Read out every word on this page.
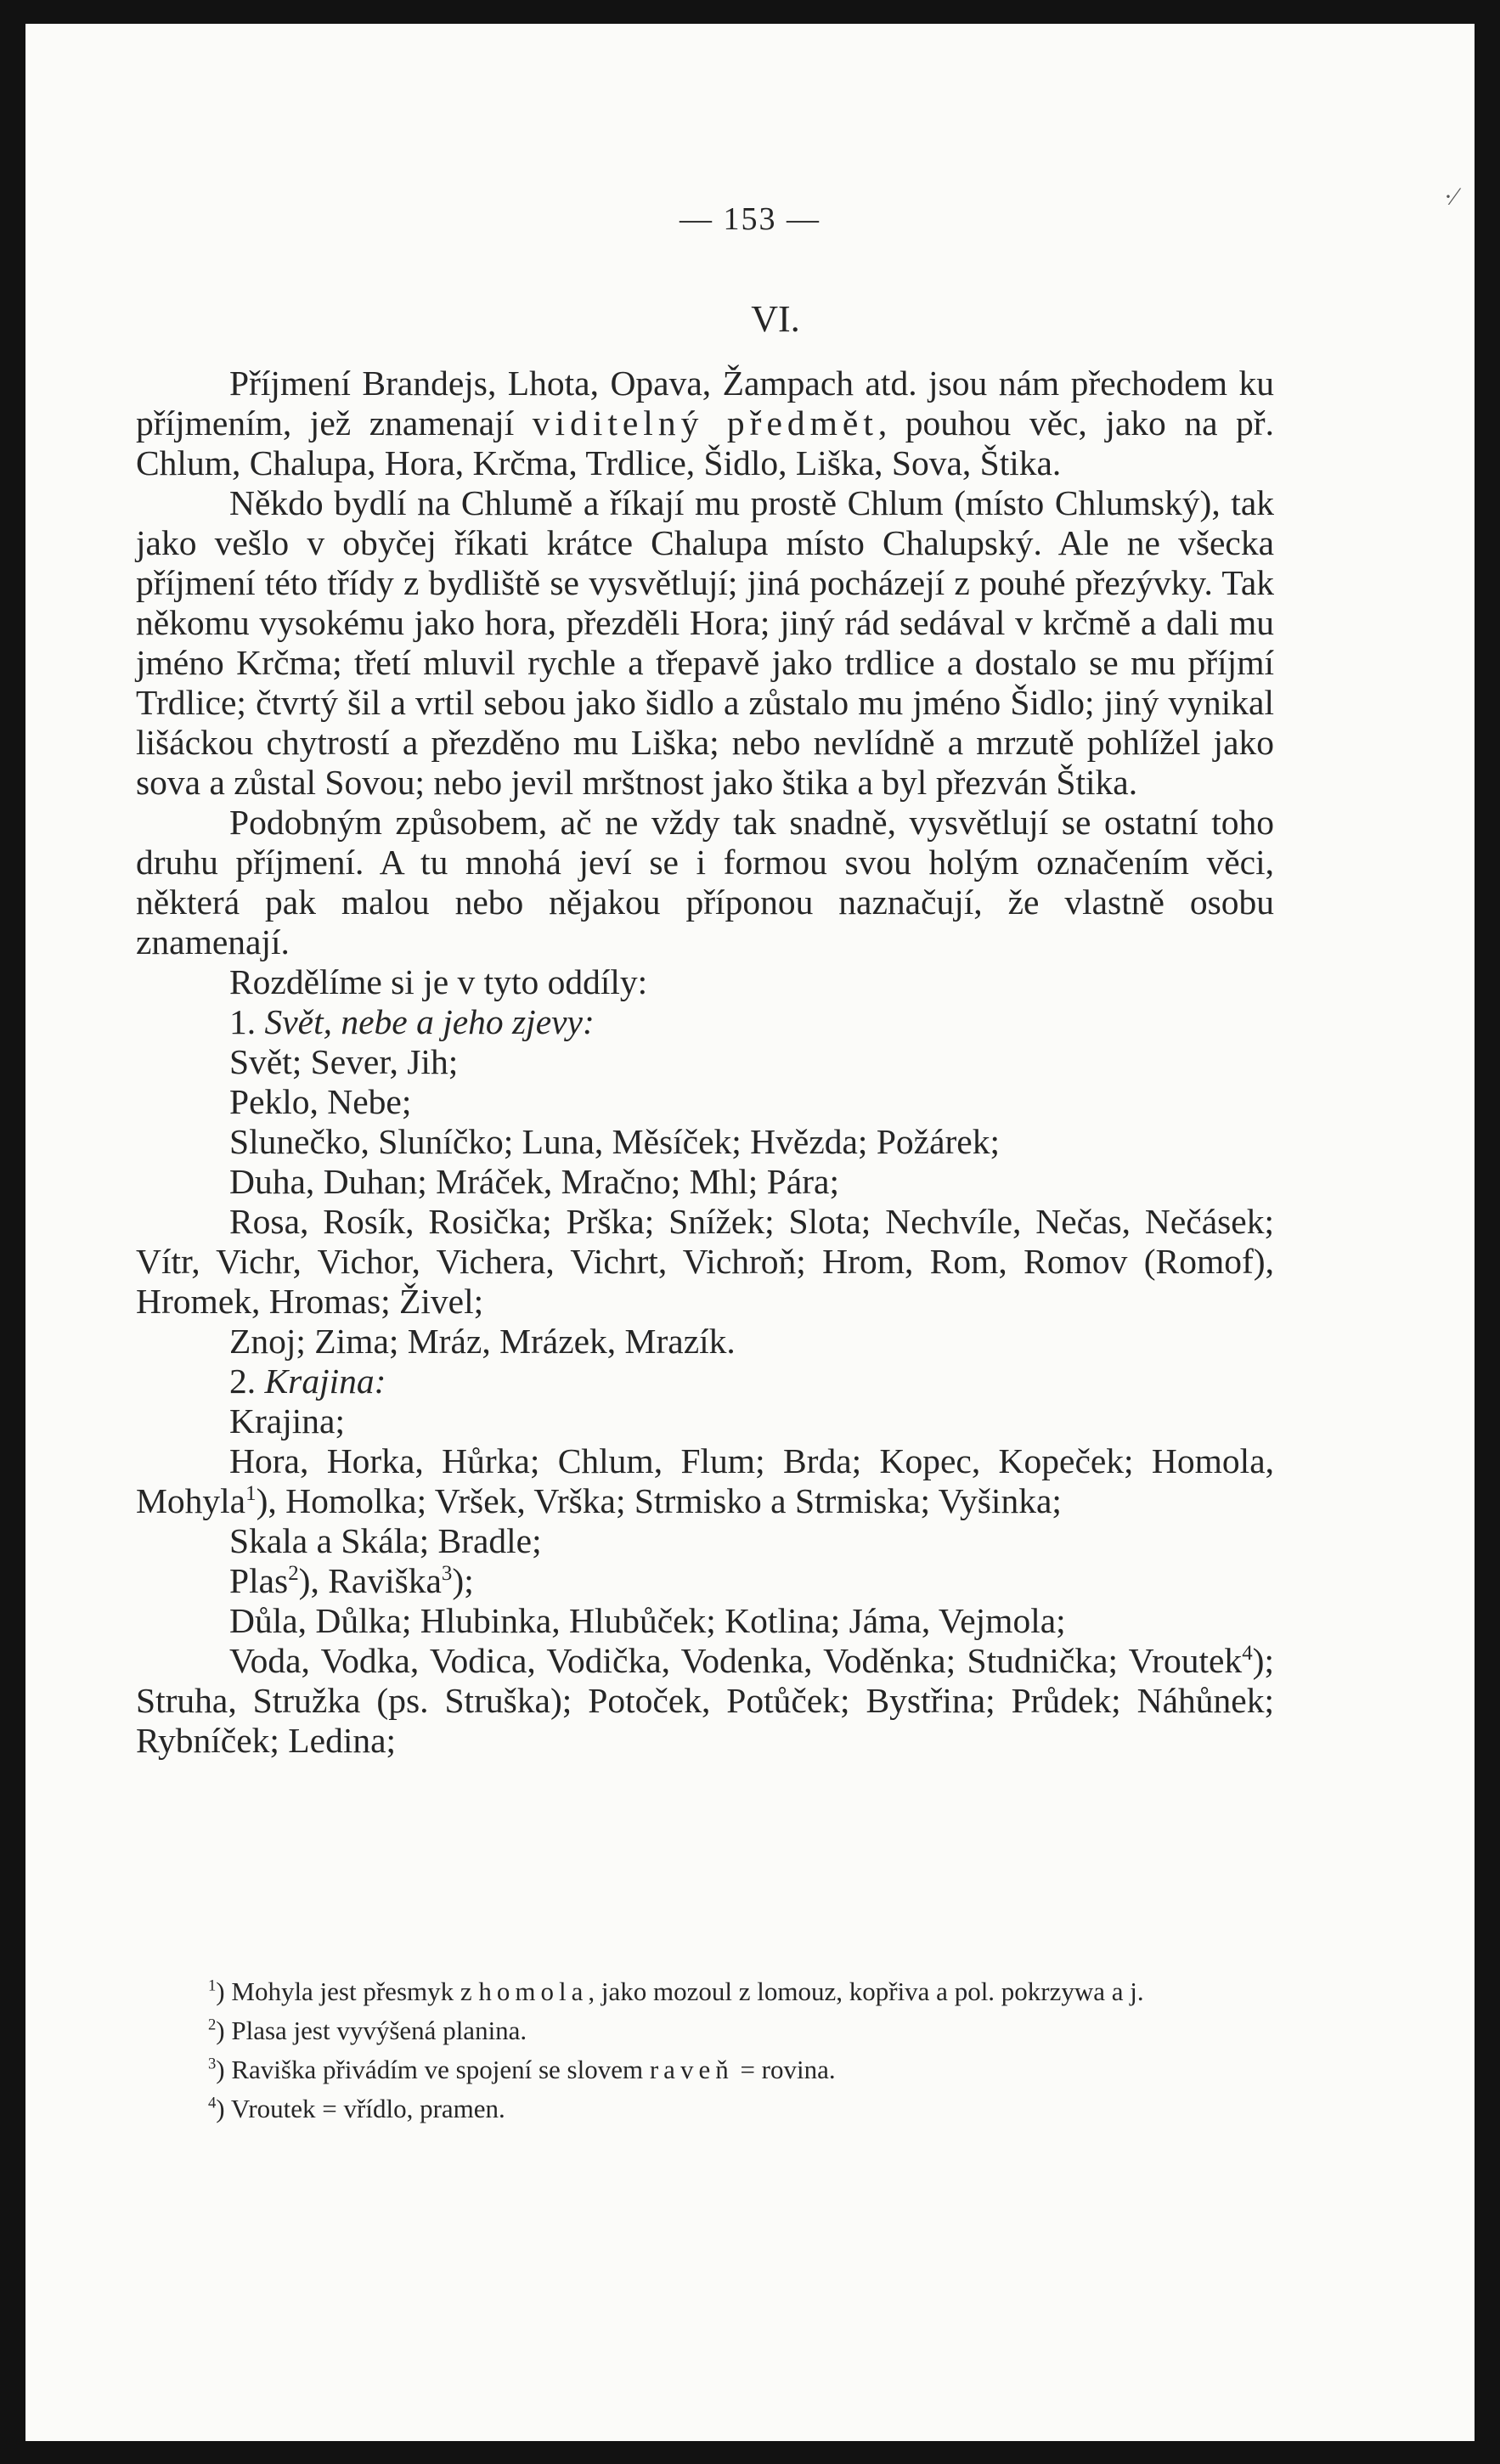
·⁄
— 153 —
VI.
Příjmení Brandejs, Lhota, Opava, Žampach atd. jsou nám přechodem ku příjmením, jež znamenají viditelný předmět, pouhou věc, jako na př. Chlum, Chalupa, Hora, Krčma, Trdlice, Šidlo, Liška, Sova, Štika.
Někdo bydlí na Chlumě a říkají mu prostě Chlum (místo Chlumský), tak jako vešlo v obyčej říkati krátce Chalupa místo Chalupský. Ale ne všecka příjmení této třídy z bydliště se vysvětlují; jiná pocházejí z pouhé přezývky. Tak někomu vysokému jako hora, přezděli Hora; jiný rád sedával v krčmě a dali mu jméno Krčma; třetí mluvil rychle a třepavě jako trdlice a dostalo se mu příjmí Trdlice; čtvrtý šil a vrtil sebou jako šidlo a zůstalo mu jméno Šidlo; jiný vynikal lišáckou chytrostí a přezděno mu Liška; nebo nevlídně a mrzutě pohlížel jako sova a zůstal Sovou; nebo jevil mrštnost jako štika a byl přezván Štika.
Podobným způsobem, ač ne vždy tak snadně, vysvětlují se ostatní toho druhu příjmení. A tu mnohá jeví se i formou svou holým označením věci, některá pak malou nebo nějakou příponou naznačují, že vlastně osobu znamenají.
Rozdělíme si je v tyto oddíly:
1. Svět, nebe a jeho zjevy:
Svět; Sever, Jih;
Peklo, Nebe;
Slunečko, Sluníčko; Luna, Měsíček; Hvězda; Požárek;
Duha, Duhan; Mráček, Mračno; Mhl; Pára;
Rosa, Rosík, Rosička; Prška; Snížek; Slota; Nechvíle, Nečas, Nečásek; Vítr, Vichr, Vichor, Vichera, Vichrt, Vichroň; Hrom, Rom, Romov (Romof), Hromek, Hromas; Živel;
Znoj; Zima; Mráz, Mrázek, Mrazík.
2. Krajina:
Krajina;
Hora, Horka, Hůrka; Chlum, Flum; Brda; Kopec, Kopeček; Homola, Mohyla$^1$), Homolka; Vršek, Vrška; Strmisko a Strmiska; Vyšinka;
Skala a Skála; Bradle;
Plas$^2$), Raviška$^3$);
Důla, Důlka; Hlubinka, Hlubůček; Kotlina; Jáma, Vejmola;
Voda, Vodka, Vodica, Vodička, Vodenka, Voděnka; Studnička; Vroutek$^4$); Struha, Stružka (ps. Struška); Potoček, Potůček; Bystřina; Průdek; Náhůnek; Rybníček; Ledina;
$^1$) Mohyla jest přesmyk z homola, jako mozoul z lomouz, kopřiva a pol. pokrzywa a j.
$^2$) Plasa jest vyvýšená planina.
$^3$) Raviška přivádím ve spojení se slovem raveň = rovina.
$^4$) Vroutek = vřídlo, pramen.
